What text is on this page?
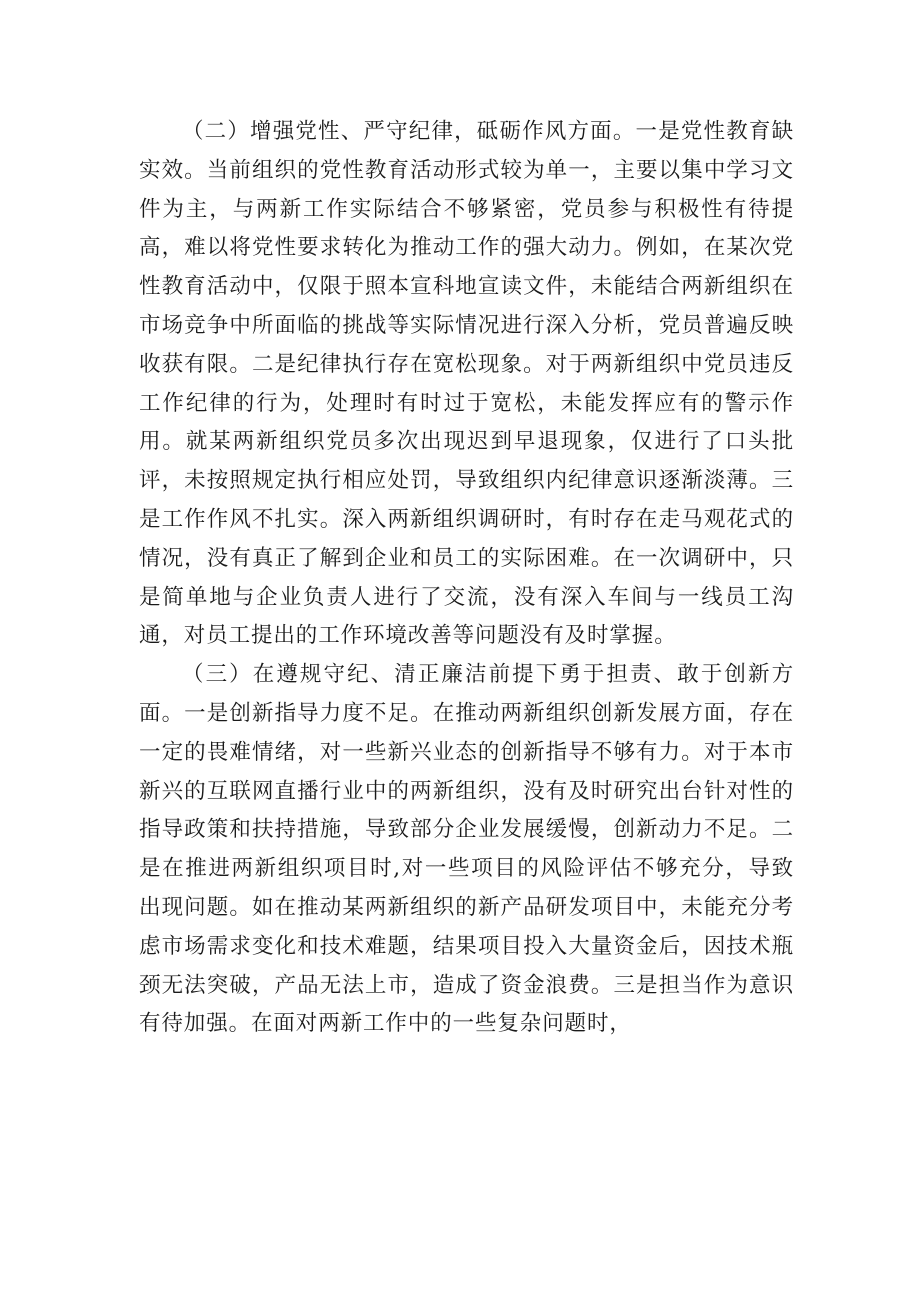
（二）增强党性、严守纪律，砥砺作风方面。一是党性教育缺实效。当前组织的党性教育活动形式较为单一，主要以集中学习文件为主，与两新工作实际结合不够紧密，党员参与积极性有待提高，难以将党性要求转化为推动工作的强大动力。例如，在某次党性教育活动中，仅限于照本宣科地宣读文件，未能结合两新组织在市场竞争中所面临的挑战等实际情况进行深入分析，党员普遍反映收获有限。二是纪律执行存在宽松现象。对于两新组织中党员违反工作纪律的行为，处理时有时过于宽松，未能发挥应有的警示作用。就某两新组织党员多次出现迟到早退现象，仅进行了口头批评，未按照规定执行相应处罚，导致组织内纪律意识逐渐淡薄。三是工作作风不扎实。深入两新组织调研时，有时存在走马观花式的情况，没有真正了解到企业和员工的实际困难。在一次调研中，只是简单地与企业负责人进行了交流，没有深入车间与一线员工沟通，对员工提出的工作环境改善等问题没有及时掌握。

（三）在遵规守纪、清正廉洁前提下勇于担责、敢于创新方面。一是创新指导力度不足。在推动两新组织创新发展方面，存在一定的畏难情绪，对一些新兴业态的创新指导不够有力。对于本市新兴的互联网直播行业中的两新组织，没有及时研究出台针对性的指导政策和扶持措施，导致部分企业发展缓慢，创新动力不足。二是在推进两新组织项目时,对一些项目的风险评估不够充分，导致出现问题。如在推动某两新组织的新产品研发项目中，未能充分考虑市场需求变化和技术难题，结果项目投入大量资金后，因技术瓶颈无法突破，产品无法上市，造成了资金浪费。三是担当作为意识有待加强。在面对两新工作中的一些复杂问题时，
